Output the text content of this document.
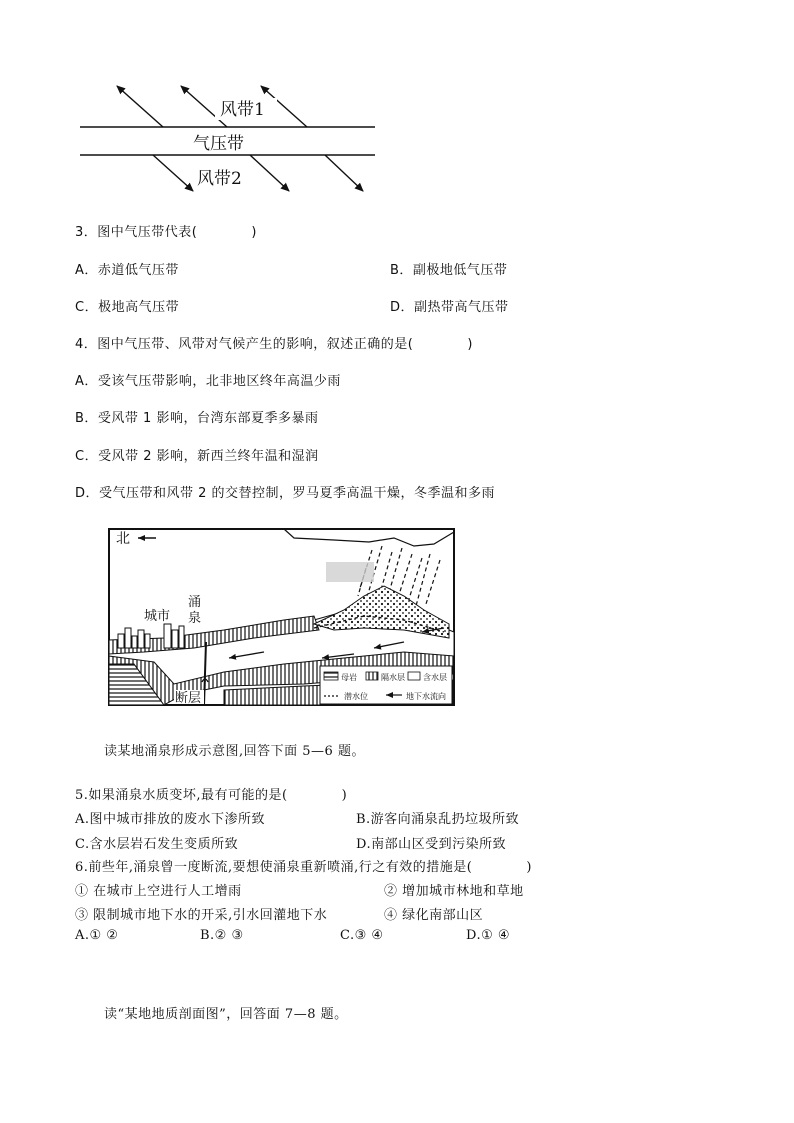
风带1
气压带
风带2
3．图中气压带代表(　　　　)
A．赤道低气压带	B．副极地低气压带
C．极地高气压带	D．副热带高气压带
4．图中气压带、风带对气候产生的影响，叙述正确的是(　　　　)
A．受该气压带影响，北非地区终年高温少雨
B．受风带 1 影响，台湾东部夏季多暴雨
C．受风带 2 影响，新西兰终年温和湿润
D．受气压带和风带 2 的交替控制，罗马夏季高温干燥，冬季温和多雨
北
城市
涌
泉
断层
母岩	隔水层 含水层
潜水位	地下水流向
读某地涌泉形成示意图,回答下面 5—6 题。
5.如果涌泉水质变坏,最有可能的是(　　　　)
A.图中城市排放的废水下渗所致	B.游客向涌泉乱扔垃圾所致
C.含水层岩石发生变质所致	D.南部山区受到污染所致
6.前些年,涌泉曾一度断流,要想使涌泉重新喷涌,行之有效的措施是(　　　　)
① 在城市上空进行人工增雨	② 增加城市林地和草地
③ 限制城市地下水的开采,引水回灌地下水	④ 绿化南部山区
A.① ②	B.② ③	C.③ ④	D.① ④
读“某地地质剖面图”，回答面 7—8 题。
